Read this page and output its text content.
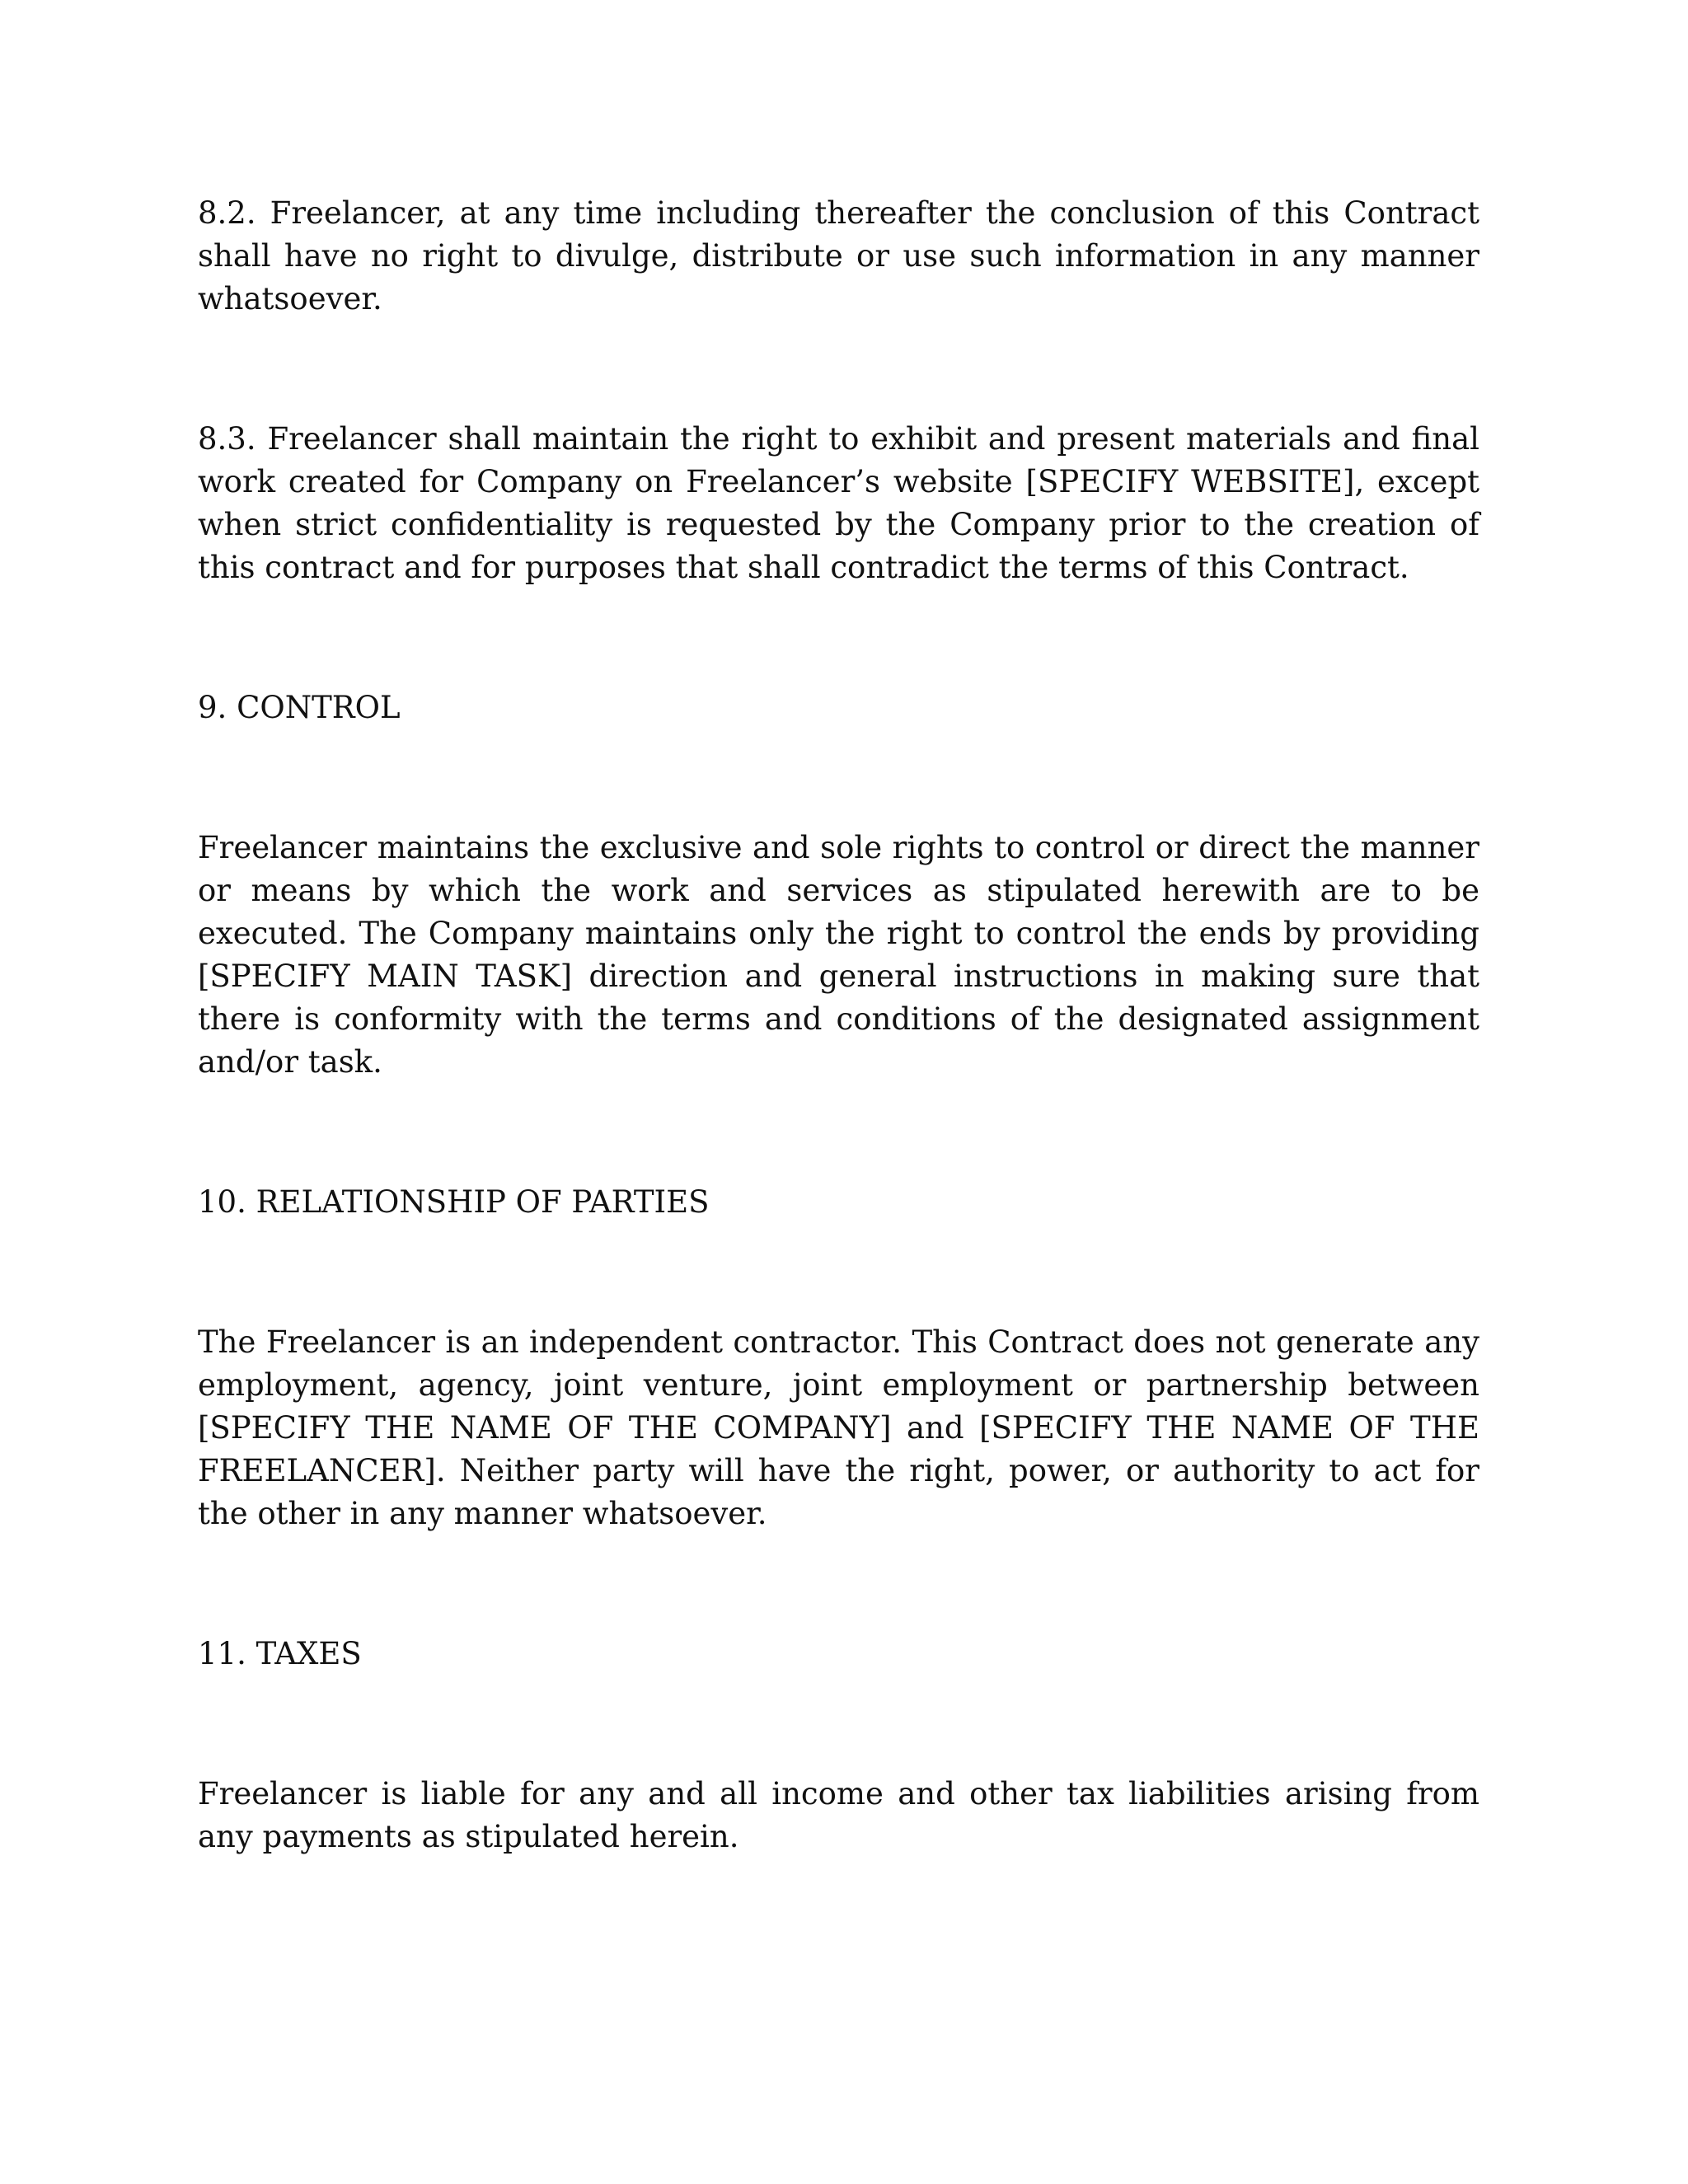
8.2. Freelancer, at any time including thereafter the conclusion of this Contract shall have no right to divulge, distribute or use such information in any manner whatsoever.

8.3. Freelancer shall maintain the right to exhibit and present materials and final work created for Company on Freelancer’s website [SPECIFY WEBSITE], except when strict confidentiality is requested by the Company prior to the creation of this contract and for purposes that shall contradict the terms of this Contract.

9. CONTROL

Freelancer maintains the exclusive and sole rights to control or direct the manner or means by which the work and services as stipulated herewith are to be executed. The Company maintains only the right to control the ends by providing [SPECIFY MAIN TASK] direction and general instructions in making sure that there is conformity with the terms and conditions of the designated assignment and/or task.

10. RELATIONSHIP OF PARTIES

The Freelancer is an independent contractor. This Contract does not generate any employment, agency, joint venture, joint employment or partnership between [SPECIFY THE NAME OF THE COMPANY] and [SPECIFY THE NAME OF THE FREELANCER]. Neither party will have the right, power, or authority to act for the other in any manner whatsoever.

11. TAXES

Freelancer is liable for any and all income and other tax liabilities arising from any payments as stipulated herein.
